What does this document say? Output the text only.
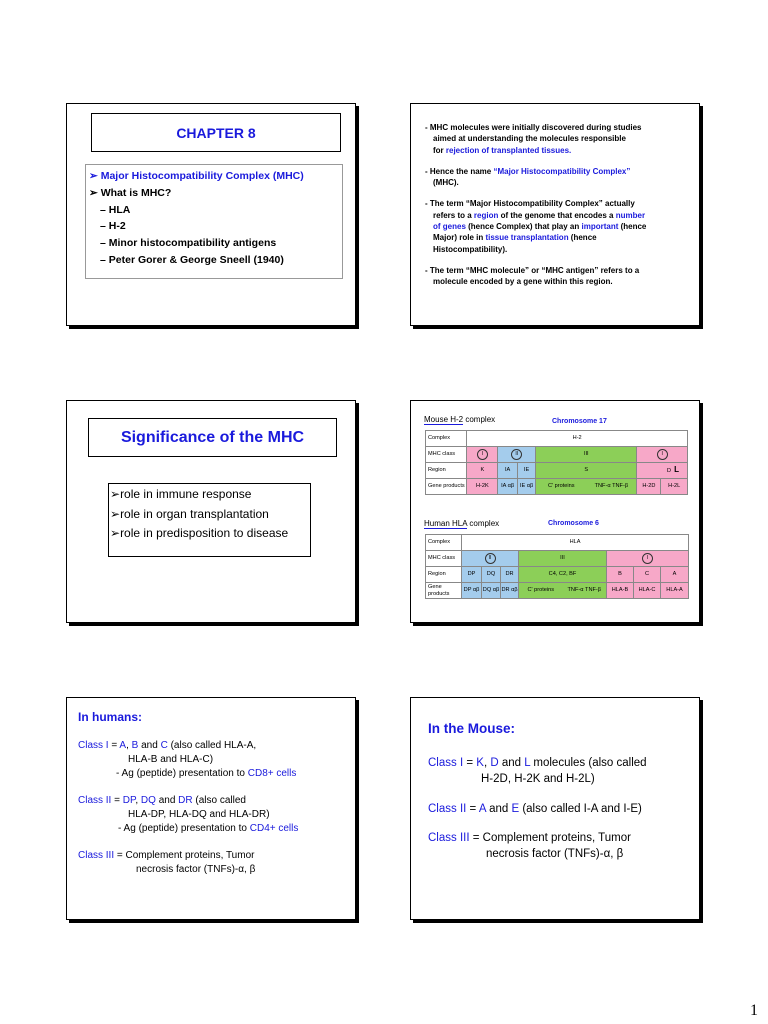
CHAPTER 8
➢ Major Histocompatibility Complex (MHC)
➢ What is MHC?
– HLA
– H-2
– Minor histocompatibility antigens
– Peter Gorer & George Sneell (1940)

- MHC molecules were initially discovered during studies
aimed at understanding the molecules responsible
for rejection of transplanted tissues.

- Hence the name “Major Histocompatibility Complex”
(MHC).

- The term “Major Histocompatibility Complex” actually
refers to a region of the genome that encodes a number
of genes (hence Complex) that play an important (hence
Major) role in tissue transplantation (hence
Histocompatibility).

- The term “MHC molecule” or “MHC antigen” refers to a
molecule encoded by a gene within this region.

Significance of the MHC
➢role in immune response
➢role in organ transplantation
➢role in predisposition to disease
Mouse H-2 complex	Chromosome 17
Complex	H-2					
MHC class	I	II		III	I	
Region	K	IA	IE	S	D L	
Gene products	H-2K	IA αβ	IE αβ	C' proteins TNF-α TNF-β	H-2D	H-2L
Human HLA complex	Chromosome 6
Complex	HLA						
MHC class	II			III	I		
Region	DP	DQ	DR	C4, C2, BF	B	C	A
Gene products	DP αβ	DQ αβ	DR αβ	C' proteins TNF-α TNF-β	HLA-B	HLA-C	HLA-A
In humans:

Class I = A, B and C (also called HLA-A,
HLA-B and HLA-C)
- Ag (peptide) presentation to CD8+ cells

Class II = DP, DQ and DR (also called
HLA-DP, HLA-DQ and HLA-DR)
- Ag (peptide) presentation to CD4+ cells

Class III = Complement proteins, Tumor
necrosis factor (TNFs)-α, β

In the Mouse:

Class I = K, D and L molecules (also called
H-2D, H-2K and H-2L)

Class II = A and E (also called I-A and I-E)

Class III = Complement proteins, Tumor
necrosis factor (TNFs)-α, β

1
